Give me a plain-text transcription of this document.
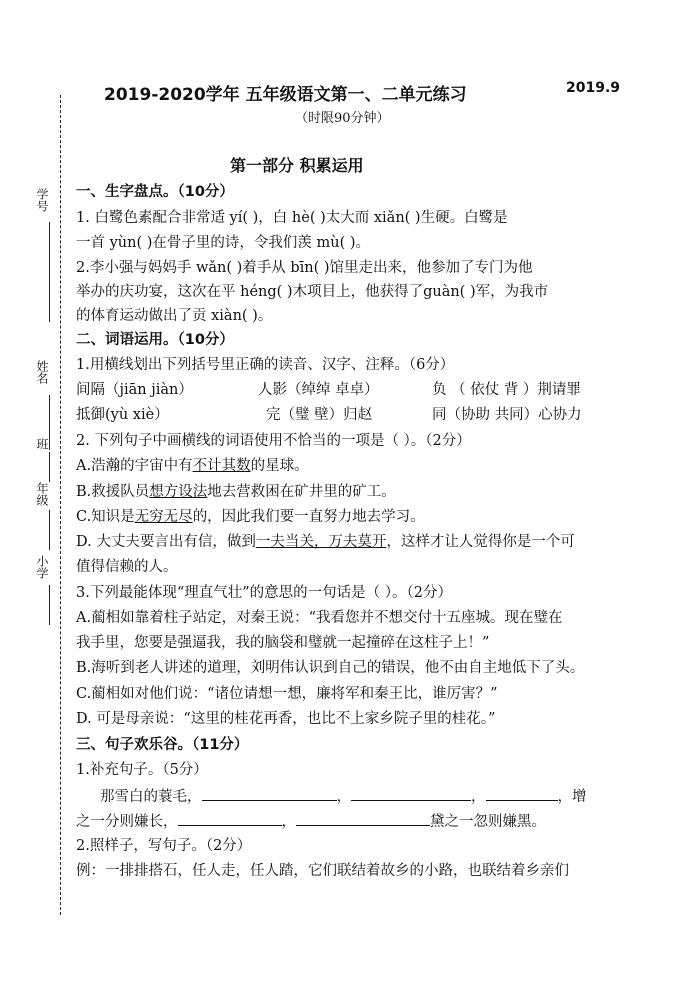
学号
姓名
班
年级
小学
2019-2020学年 五年级语文第一、二单元练习	2019.9
（时限90分钟）
第一部分 积累运用
一、生字盘点。（10分）
1. 白鹭色素配合非常适 yí( )，白 hè( )太大而 xiǎn( )生硬。白鹭是
一首 yùn( )在骨子里的诗，令我们羡 mù( )。
2.李小强与妈妈手 wǎn( )着手从 bīn( )馆里走出来，他参加了专门为他
举办的庆功宴，这次在平 héng( )木项目上，他获得了guàn( )军，为我市
的体育运动做出了贡 xiàn( )。
二、词语运用。（10分）
1.用横线划出下列括号里正确的读音、汉字、注释。（6分）
间隔（jiān jiàn）	人影（绰绰 卓卓）	负 （ 依仗 背 ）荆请罪
抵御(yù xiè）	完（璧 壁）归赵	同（协助 共同）心协力
2. 下列句子中画横线的词语使用不恰当的一项是（ ）。（2分）
A.浩瀚的宇宙中有不计其数的星球。
B.救援队员想方设法地去营救困在矿井里的矿工。
C.知识是无穷无尽的，因此我们要一直努力地去学习。
D. 大丈夫要言出有信，做到一夫当关，万夫莫开，这样才让人觉得你是一个可
值得信赖的人。
3.下列最能体现“理直气壮”的意思的一句话是（ ）。（2分）
A.蔺相如靠着柱子站定，对秦王说：“我看您并不想交付十五座城。现在璧在
我手里，您要是强逼我，我的脑袋和璧就一起撞碎在这柱子上！”
B.海听到老人讲述的道理，刘明伟认识到自己的错误，他不由自主地低下了头。
C.蔺相如对他们说：“诸位请想一想，廉将军和秦王比，谁厉害？”
D. 可是母亲说：“这里的桂花再香，也比不上家乡院子里的桂花。”
三、句子欢乐谷。（11分）
1.补充句子。（5分）
那雪白的蓑毛，	，	，	，增
之一分则嫌长，	，	黛之一忽则嫌黑。
2.照样子，写句子。（2分）
例：一排排搭石，任人走，任人踏，它们联结着故乡的小路，也联结着乡亲们
